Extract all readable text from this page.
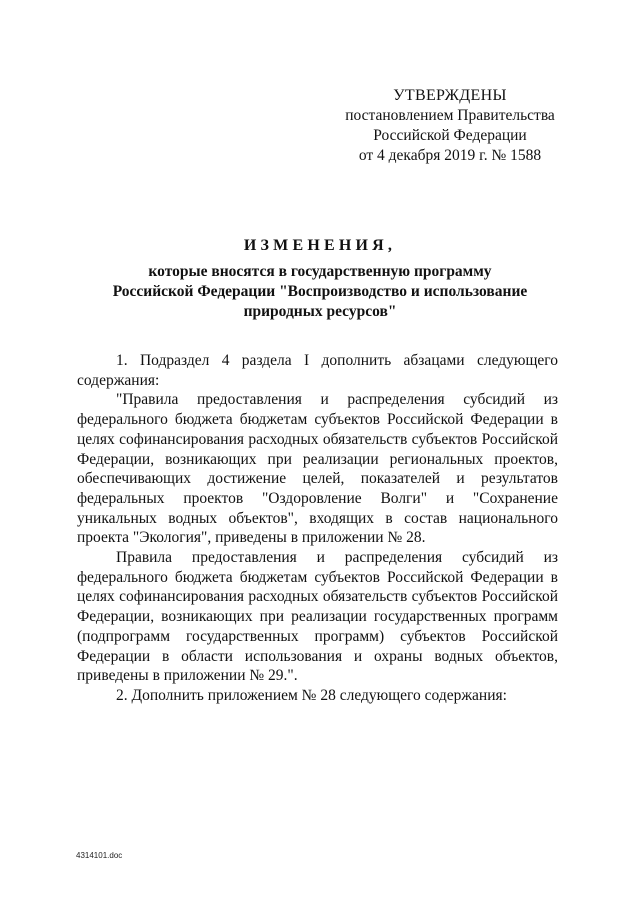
УТВЕРЖДЕНЫ
постановлением Правительства
Российской Федерации
от 4 декабря 2019 г. № 1588
ИЗМЕНЕНИЯ,
которые вносятся в государственную программу
Российской Федерации "Воспроизводство и использование
природных ресурсов"

1. Подраздел 4 раздела I дополнить абзацами следующего содержания:

"Правила предоставления и распределения субсидий из федерального бюджета бюджетам субъектов Российской Федерации в целях софинансирования расходных обязательств субъектов Российской Федерации, возникающих при реализации региональных проектов, обеспечивающих достижение целей, показателей и результатов федеральных проектов "Оздоровление Волги" и "Сохранение уникальных водных объектов", входящих в состав национального проекта "Экология", приведены в приложении № 28.

Правила предоставления и распределения субсидий из федерального бюджета бюджетам субъектов Российской Федерации в целях софинансирования расходных обязательств субъектов Российской Федерации, возникающих при реализации государственных программ (подпрограмм государственных программ) субъектов Российской Федерации в области использования и охраны водных объектов, приведены в приложении № 29.".

2. Дополнить приложением № 28 следующего содержания:

4314101.doc
